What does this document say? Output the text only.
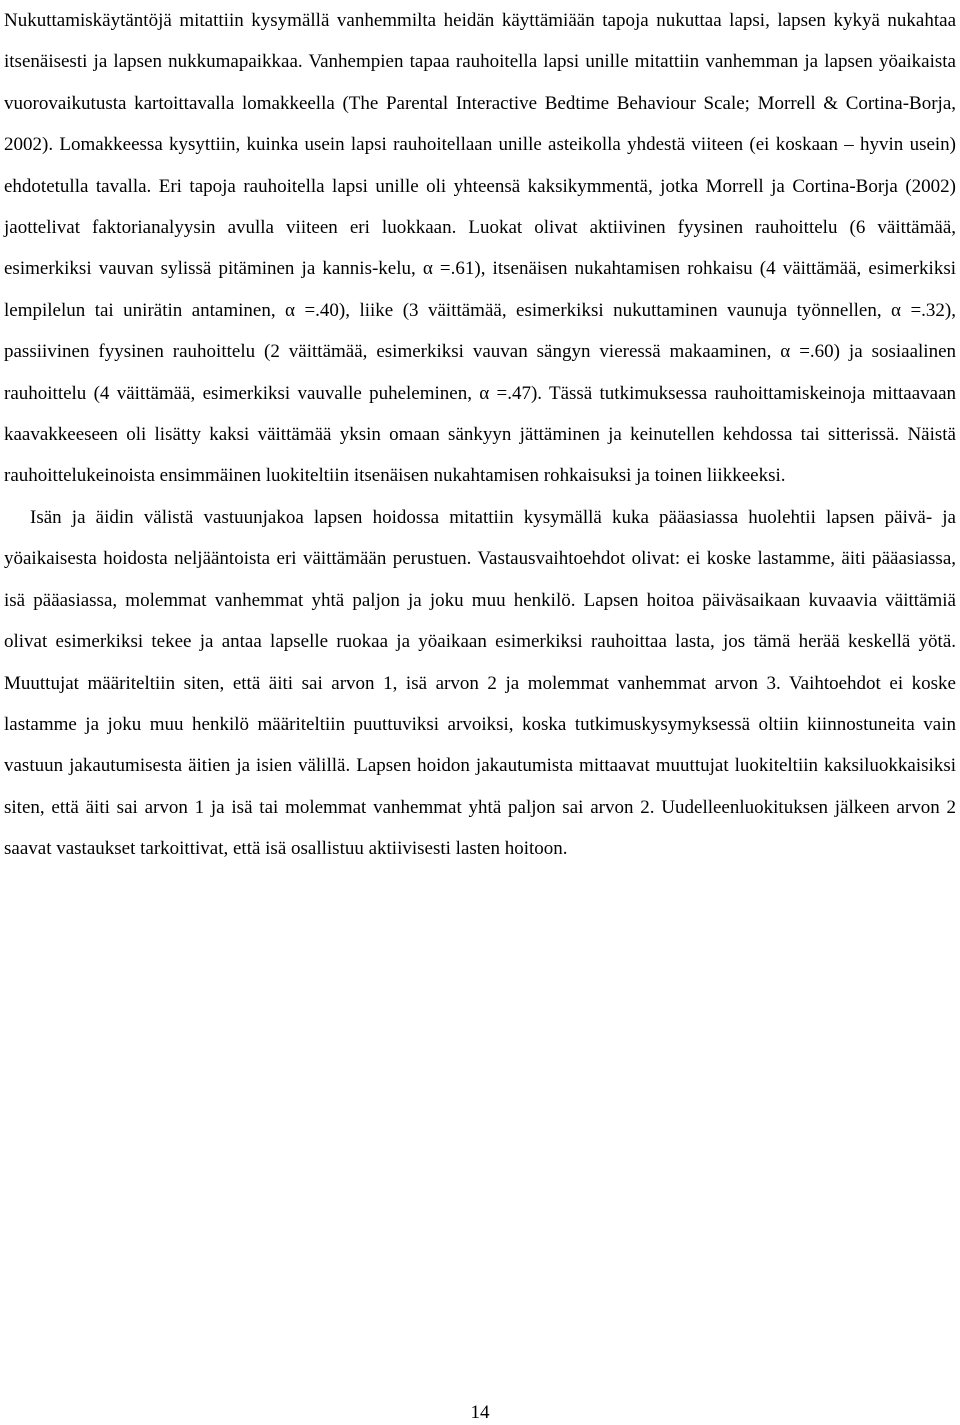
Nukuttamiskäytäntöjä mitattiin kysymällä vanhemmilta heidän käyttämiään tapoja nukuttaa lapsi, lapsen kykyä nukahtaa itsenäisesti ja lapsen nukkumapaikkaa. Vanhempien tapaa rauhoitella lapsi unille mitattiin vanhemman ja lapsen yöaikaista vuorovaikutusta kartoittavalla lomakkeella (The Parental Interactive Bedtime Behaviour Scale; Morrell & Cortina-Borja, 2002). Lomakkeessa kysyttiin, kuinka usein lapsi rauhoitellaan unille asteikolla yhdestä viiteen (ei koskaan – hyvin usein) ehdotetulla tavalla. Eri tapoja rauhoitella lapsi unille oli yhteensä kaksikymmentä, jotka Morrell ja Cortina-Borja (2002) jaottelivat faktorianalyysin avulla viiteen eri luokkaan. Luokat olivat aktiivinen fyysinen rauhoittelu (6 väittämää, esimerkiksi vauvan sylissä pitäminen ja kannis-kelu, α =.61), itsenäisen nukahtamisen rohkaisu (4 väittämää, esimerkiksi lempilelun tai unirätin antaminen, α =.40), liike (3 väittämää, esimerkiksi nukuttaminen vaunuja työnnellen, α =.32), passiivinen fyysinen rauhoittelu (2 väittämää, esimerkiksi vauvan sängyn vieressä makaaminen, α =.60) ja sosiaalinen rauhoittelu (4 väittämää, esimerkiksi vauvalle puheleminen, α =.47). Tässä tutkimuksessa rauhoittamiskeinoja mittaavaan kaavakkeeseen oli lisätty kaksi väittämää yksin omaan sänkyyn jättäminen ja keinutellen kehdossa tai sitterissä. Näistä rauhoittelukeinoista ensimmäinen luokiteltiin itsenäisen nukahtamisen rohkaisuksi ja toinen liikkeeksi.

Isän ja äidin välistä vastuunjakoa lapsen hoidossa mitattiin kysymällä kuka pääasiassa huolehtii lapsen päivä- ja yöaikaisesta hoidosta neljääntoista eri väittämään perustuen. Vastausvaihtoehdot olivat: ei koske lastamme, äiti pääasiassa, isä pääasiassa, molemmat vanhemmat yhtä paljon ja joku muu henkilö. Lapsen hoitoa päiväsaikaan kuvaavia väittämiä olivat esimerkiksi tekee ja antaa lapselle ruokaa ja yöaikaan esimerkiksi rauhoittaa lasta, jos tämä herää keskellä yötä. Muuttujat määriteltiin siten, että äiti sai arvon 1, isä arvon 2 ja molemmat vanhemmat arvon 3. Vaihtoehdot ei koske lastamme ja joku muu henkilö määriteltiin puuttuviksi arvoiksi, koska tutkimuskysymyksessä oltiin kiinnostuneita vain vastuun jakautumisesta äitien ja isien välillä. Lapsen hoidon jakautumista mittaavat muuttujat luokiteltiin kaksiluokkaisiksi siten, että äiti sai arvon 1 ja isä tai molemmat vanhemmat yhtä paljon sai arvon 2. Uudelleenluokituksen jälkeen arvon 2 saavat vastaukset tarkoittivat, että isä osallistuu aktiivisesti lasten hoitoon.

14
